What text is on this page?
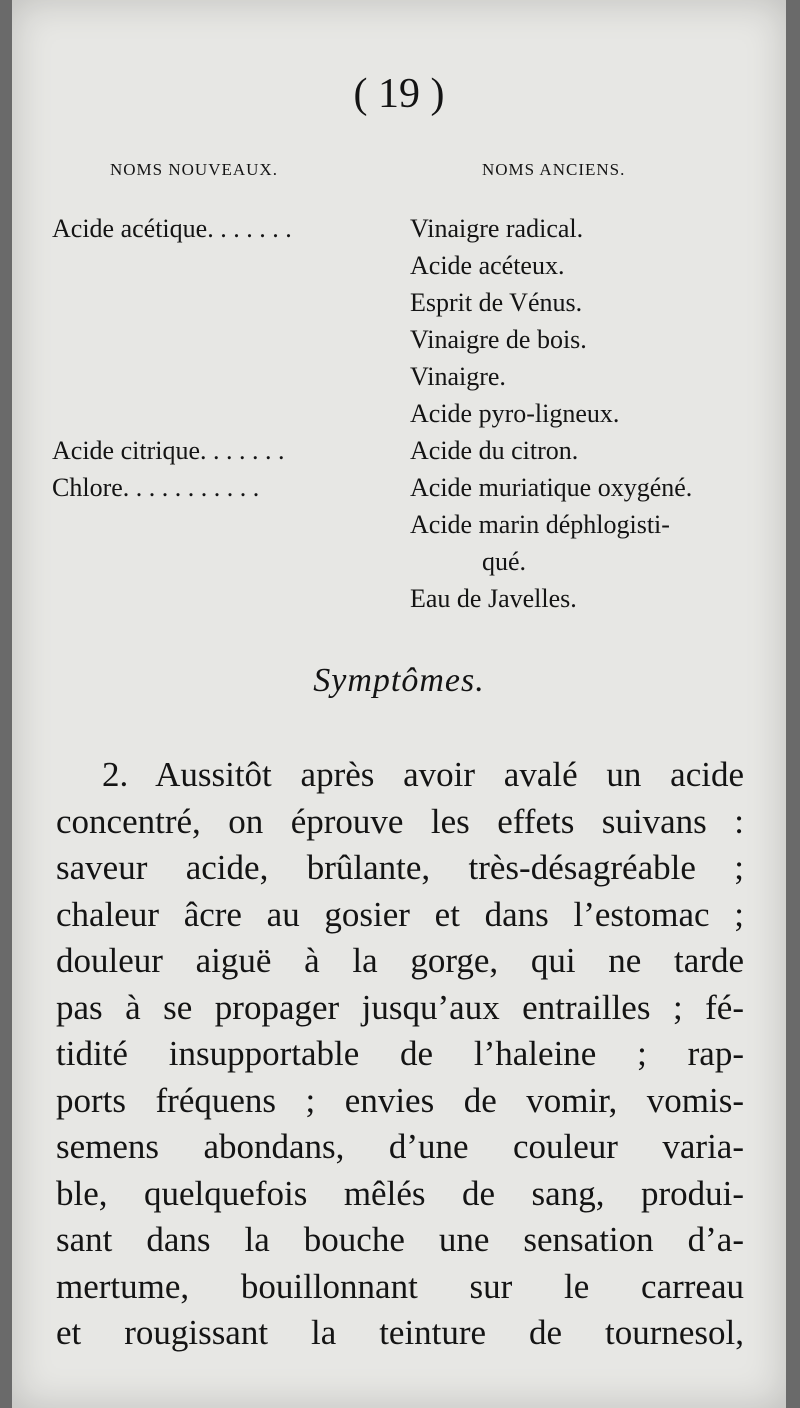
( 19 )
NOMS NOUVEAUX.	NOMS ANCIENS.
Acide acétique. . . . . . .	Vinaigre radical.
Acide acéteux.
Esprit de Vénus.
Vinaigre de bois.
Vinaigre.
Acide pyro-ligneux.
Acide citrique. . . . . . .	Acide du citron.
Chlore. . . . . . . . . . .	Acide muriatique oxygéné.
Acide marin déphlogisti-
qué.
Eau de Javelles.
Symptômes.
2. Aussitôt après avoir avalé un acide
concentré, on éprouve les effets suivans :
saveur acide, brûlante, très-désagréable ;
chaleur âcre au gosier et dans l’estomac ;
douleur aiguë à la gorge, qui ne tarde
pas à se propager jusqu’aux entrailles ; fé-
tidité insupportable de l’haleine ; rap-
ports fréquens ; envies de vomir, vomis-
semens abondans, d’une couleur varia-
ble, quelquefois mêlés de sang, produi-
sant dans la bouche une sensation d’a-
mertume, bouillonnant sur le carreau
et rougissant la teinture de tournesol,
